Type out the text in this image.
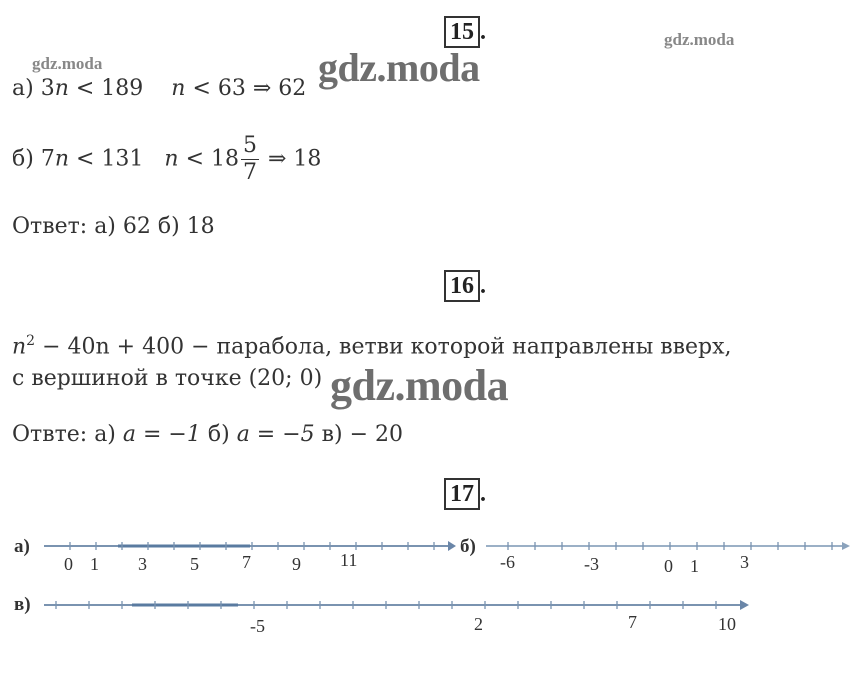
gdz.moda
gdz.moda
gdz.moda
15 .
а) 3n < 189 n < 63 ⇒ 62
б) 7n < 131 $n < 18 \frac{5}{7}$ ⇒ 18
Ответ: а) 62 б) 18
16 .
$n^2 - 40n + 400$ − парабола, ветви которой направлены вверх,
с вершиной в точке (20; 0) gdz.moda
Отвте: а) a = −1 б) a = −5 в) − 20
17 .
а)	б)
в)
0 1 3 5 7 9 11	-6	-3	0 1 3
-5	2	7	10
